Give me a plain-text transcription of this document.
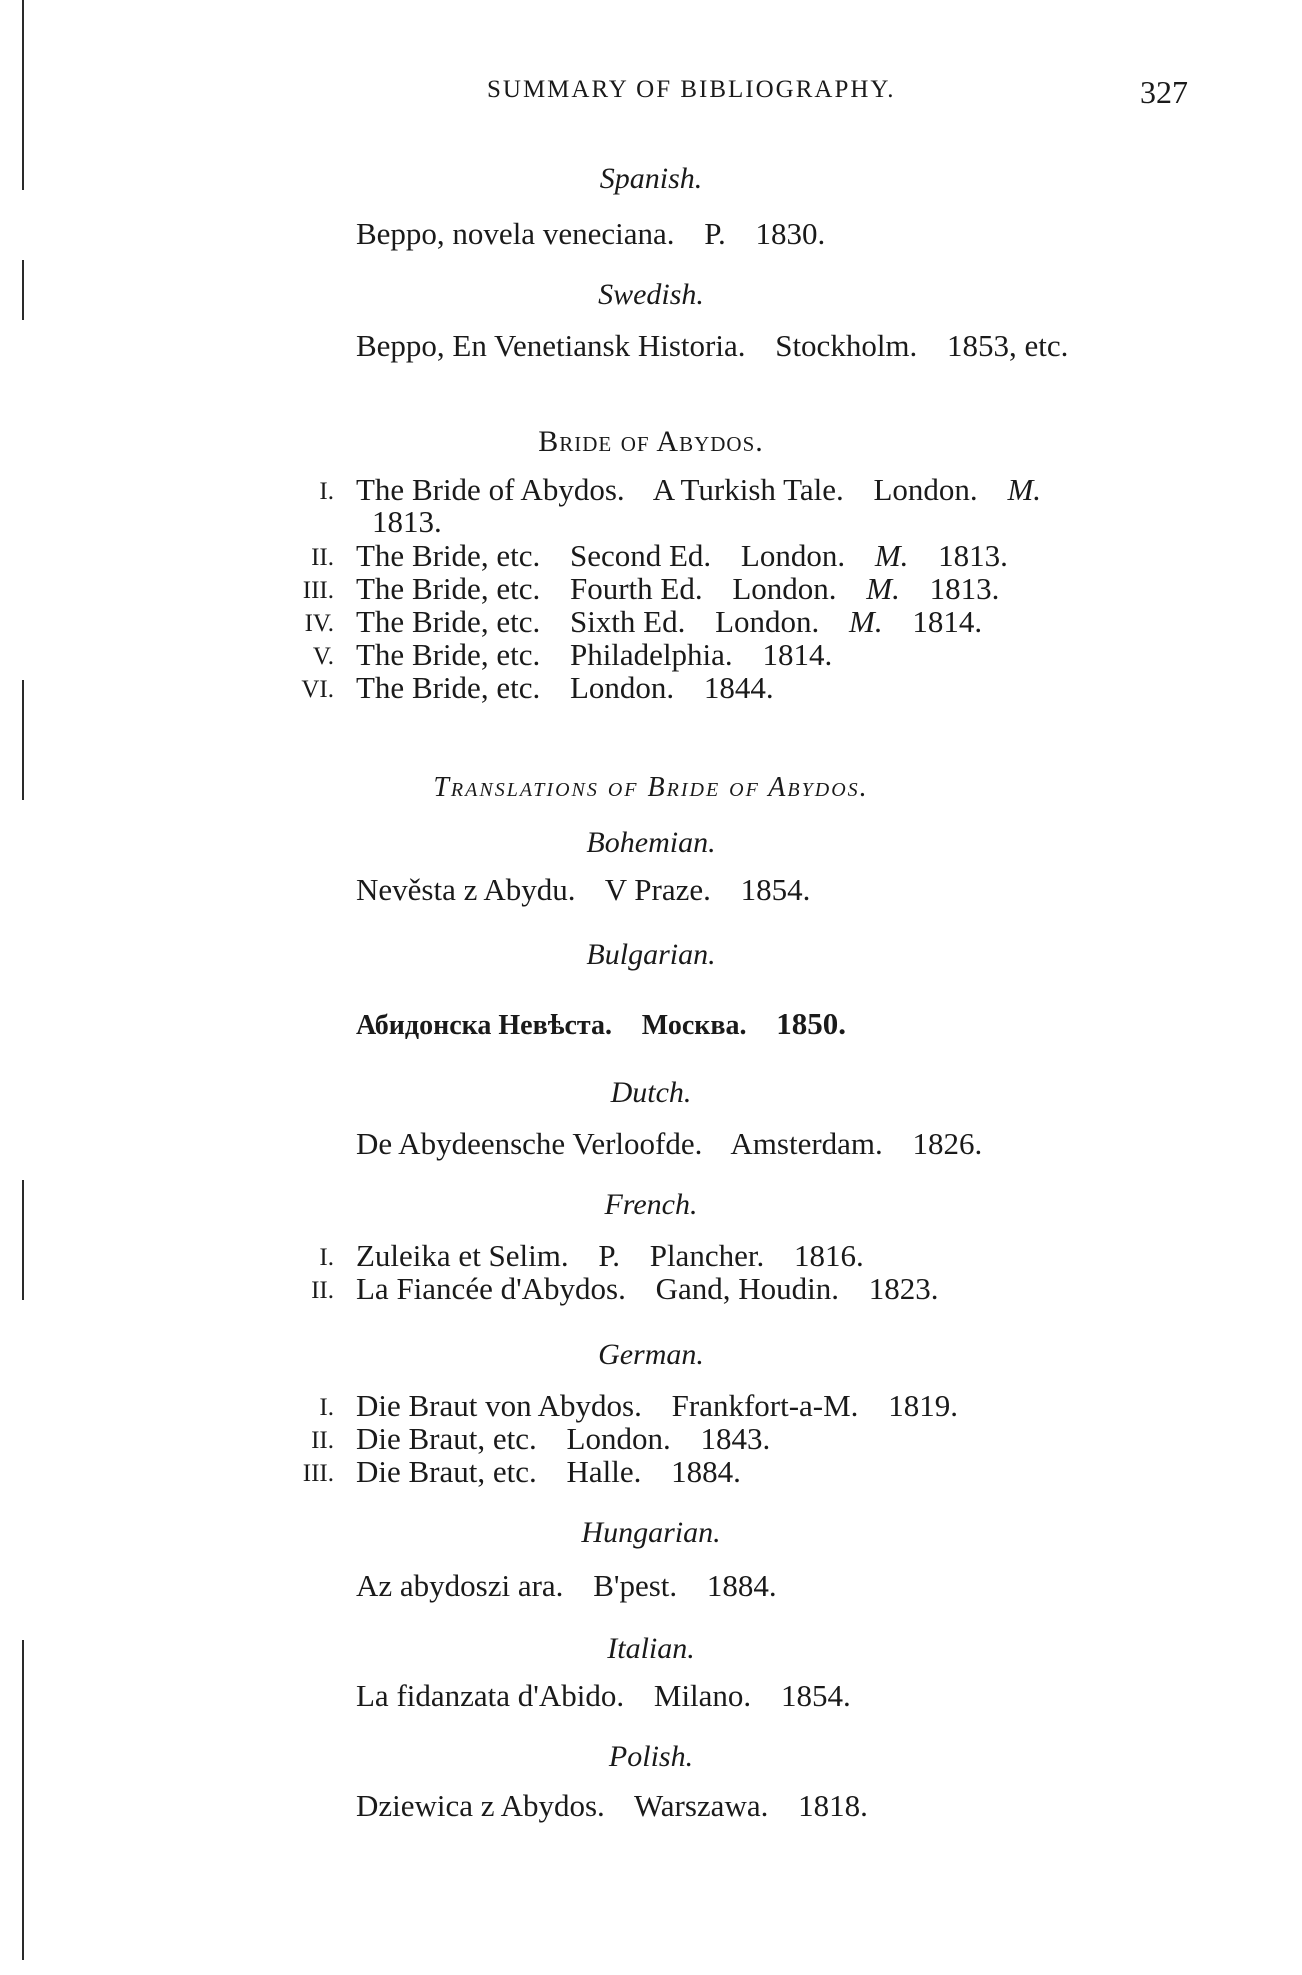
SUMMARY OF BIBLIOGRAPHY.	327
Spanish.
Beppo, novela veneciana. P. 1830.
Swedish.
Beppo, En Venetiansk Historia. Stockholm. 1853, etc.
Bride of Abydos.
I. The Bride of Abydos. A Turkish Tale. London. M.
1813.
II. The Bride, etc. Second Ed. London. M. 1813.
III. The Bride, etc. Fourth Ed. London. M. 1813.
IV. The Bride, etc. Sixth Ed. London. M. 1814.
V. The Bride, etc. Philadelphia. 1814.
VI. The Bride, etc. London. 1844.
Translations of Bride of Abydos.
Bohemian.
Nevěsta z Abydu. V Praze. 1854.
Bulgarian.
Абидонска Невѣста. Москва. 1850.
Dutch.
De Abydeensche Verloofde. Amsterdam. 1826.
French.
I. Zuleika et Selim. P. Plancher. 1816.
II. La Fiancée d'Abydos. Gand, Houdin. 1823.
German.
I. Die Braut von Abydos. Frankfort-a-M. 1819.
II. Die Braut, etc. London. 1843.
III. Die Braut, etc. Halle. 1884.
Hungarian.
Az abydoszi ara. B'pest. 1884.
Italian.
La fidanzata d'Abido. Milano. 1854.
Polish.
Dziewica z Abydos. Warszawa. 1818.
